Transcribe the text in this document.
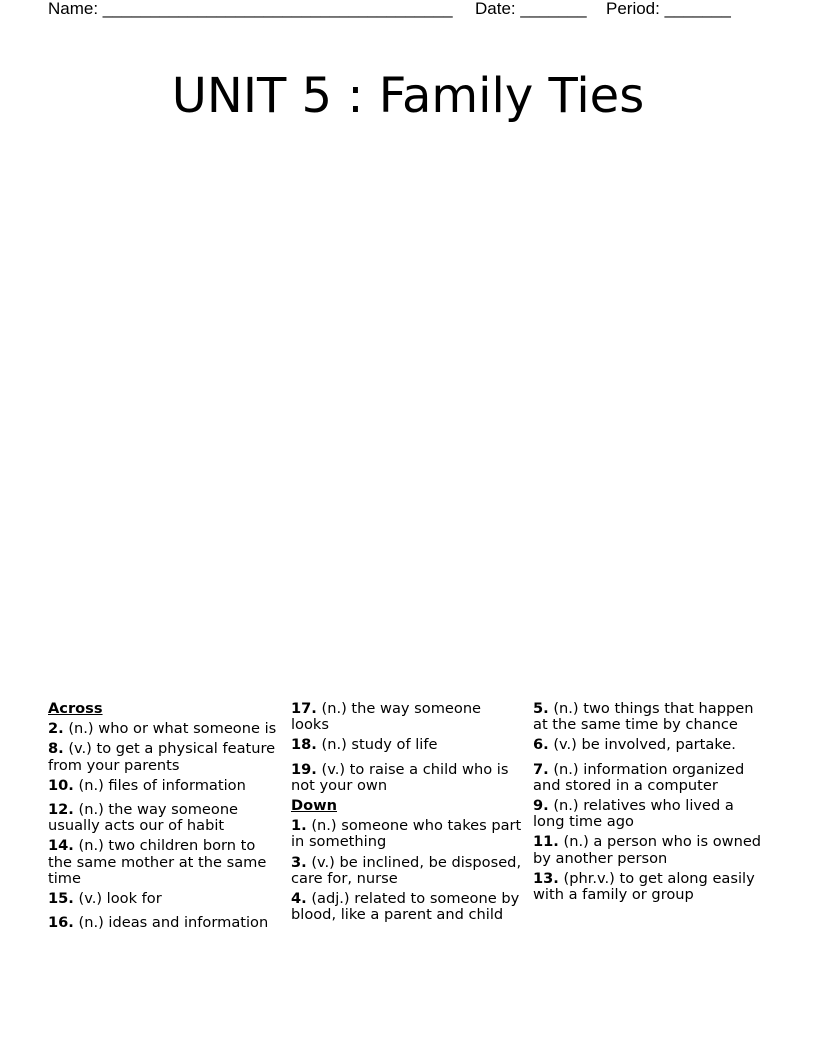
Name: _____________________________________ Date: _______ Period: _______
UNIT 5 : Family Ties
Across
2. (n.) who or what someone is
8. (v.) to get a physical feature from your parents
10. (n.) files of information
12. (n.) the way someone usually acts our of habit
14. (n.) two children born to the same mother at the same time
15. (v.) look for
16. (n.) ideas and information
17. (n.) the way someone looks
18. (n.) study of life
19. (v.) to raise a child who is not your own
Down
1. (n.) someone who takes part in something
3. (v.) be inclined, be disposed, care for, nurse
4. (adj.) related to someone by blood, like a parent and child
5. (n.) two things that happen at the same time by chance
6. (v.) be involved, partake.
7. (n.) information organized and stored in a computer
9. (n.) relatives who lived a long time ago
11. (n.) a person who is owned by another person
13. (phr.v.) to get along easily with a family or group
